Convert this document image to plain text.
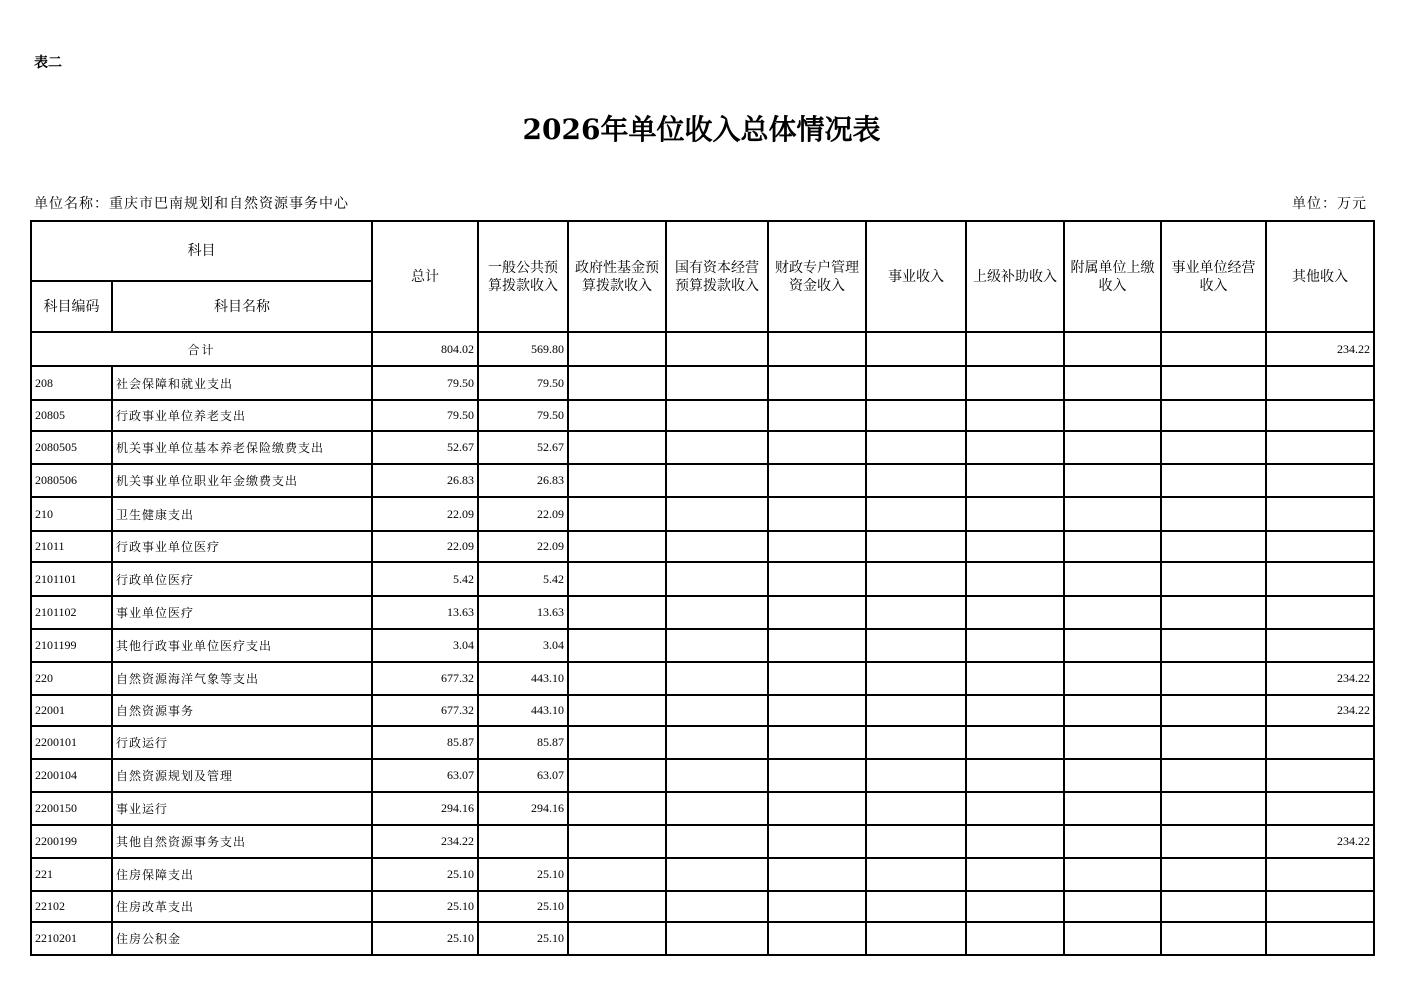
表二
2026年单位收入总体情况表
单位名称：重庆市巴南规划和自然资源事务中心	单位：万元
科目		总计	一般公共预算拨款收入	政府性基金预算拨款收入	国有资本经营预算拨款收入	财政专户管理资金收入	事业收入	上级补助收入	附属单位上缴收入	事业单位经营收入	其他收入
科目编码	科目名称										
合计		804.02	569.80								234.22
208	社会保障和就业支出	79.50	79.50								
20805	行政事业单位养老支出	79.50	79.50								
2080505	机关事业单位基本养老保险缴费支出	52.67	52.67								
2080506	机关事业单位职业年金缴费支出	26.83	26.83								
210	卫生健康支出	22.09	22.09								
21011	行政事业单位医疗	22.09	22.09								
2101101	行政单位医疗	5.42	5.42								
2101102	事业单位医疗	13.63	13.63								
2101199	其他行政事业单位医疗支出	3.04	3.04								
220	自然资源海洋气象等支出	677.32	443.10								234.22
22001	自然资源事务	677.32	443.10								234.22
2200101	行政运行	85.87	85.87								
2200104	自然资源规划及管理	63.07	63.07								
2200150	事业运行	294.16	294.16								
2200199	其他自然资源事务支出	234.22									234.22
221	住房保障支出	25.10	25.10								
22102	住房改革支出	25.10	25.10								
2210201	住房公积金	25.10	25.10								
